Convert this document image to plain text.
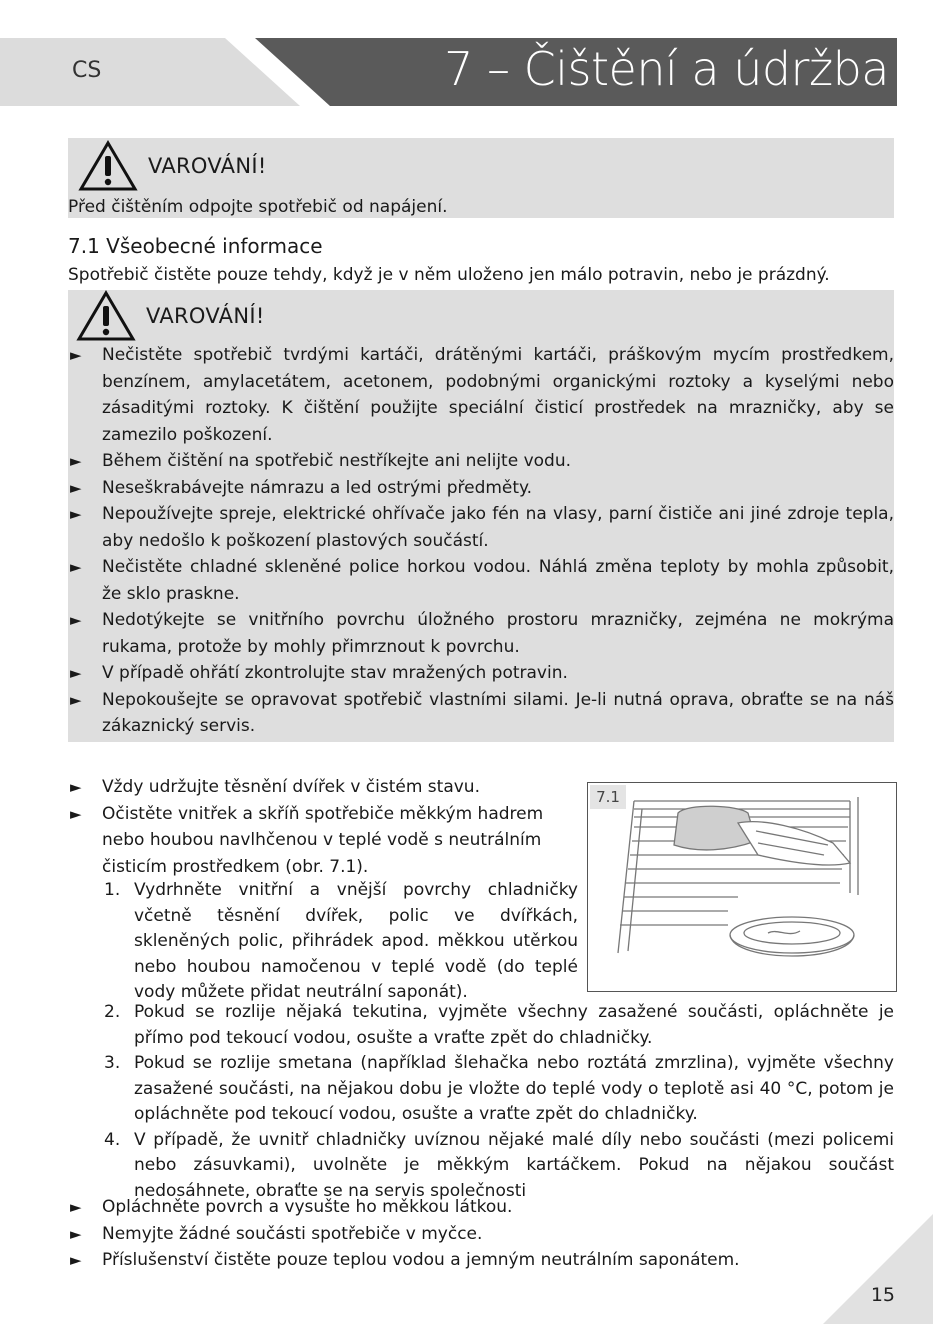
CS	7 – Čištění a údržba
VAROVÁNÍ!
Před čištěním odpojte spotřebič od napájení.
7.1 Všeobecné informace
Spotřebič čistěte pouze tehdy, když je v něm uloženo jen málo potravin, nebo je prázdný.
VAROVÁNÍ!
► Nečistěte spotřebič tvrdými kartáči, drátěnými kartáči, práškovým mycím prostředkem, benzínem, amylacetátem, acetonem, podobnými organickými roztoky a kyselými nebo zásaditými roztoky. K čištění použijte speciální čisticí prostředek na mrazničky, aby se zamezilo poškození.
► Během čištění na spotřebič nestříkejte ani nelijte vodu.
► Neseškrabávejte námrazu a led ostrými předměty.
► Nepoužívejte spreje, elektrické ohřívače jako fén na vlasy, parní čističe ani jiné zdroje tepla, aby nedošlo k poškození plastových součástí.
► Nečistěte chladné skleněné police horkou vodou. Náhlá změna teploty by mohla způsobit, že sklo praskne.
► Nedotýkejte se vnitřního povrchu úložného prostoru mrazničky, zejména ne mokrýma rukama, protože by mohly přimrznout k povrchu.
► V případě ohřátí zkontrolujte stav mražených potravin.
► Nepokoušejte se opravovat spotřebič vlastními silami. Je-li nutná oprava, obraťte se na náš zákaznický servis.
7.1
► Vždy udržujte těsnění dvířek v čistém stavu.
► Očistěte vnitřek a skříň spotřebiče měkkým hadrem nebo houbou navlhčenou v teplé vodě s neutrálním čisticím prostředkem (obr. 7.1).
1. Vydrhněte vnitřní a vnější povrchy chladničky včetně těsnění dvířek, polic ve dvířkách, skleněných polic, přihrádek apod. měkkou utěrkou nebo houbou namočenou v teplé vodě (do teplé vody můžete přidat neutrální saponát).
2. Pokud se rozlije nějaká tekutina, vyjměte všechny zasažené součásti, opláchněte je přímo pod tekoucí vodou, osušte a vraťte zpět do chladničky.
3. Pokud se rozlije smetana (například šlehačka nebo roztátá zmrzlina), vyjměte všechny zasažené součásti, na nějakou dobu je vložte do teplé vody o teplotě asi 40 °C, potom je opláchněte pod tekoucí vodou, osušte a vraťte zpět do chladničky.
4. V případě, že uvnitř chladničky uvíznou nějaké malé díly nebo součásti (mezi policemi nebo zásuvkami), uvolněte je měkkým kartáčkem. Pokud na nějakou součást nedosáhnete, obraťte se na servis společnosti
► Opláchněte povrch a vysušte ho měkkou látkou.
► Nemyjte žádné součásti spotřebiče v myčce.
► Příslušenství čistěte pouze teplou vodou a jemným neutrálním saponátem.
15
